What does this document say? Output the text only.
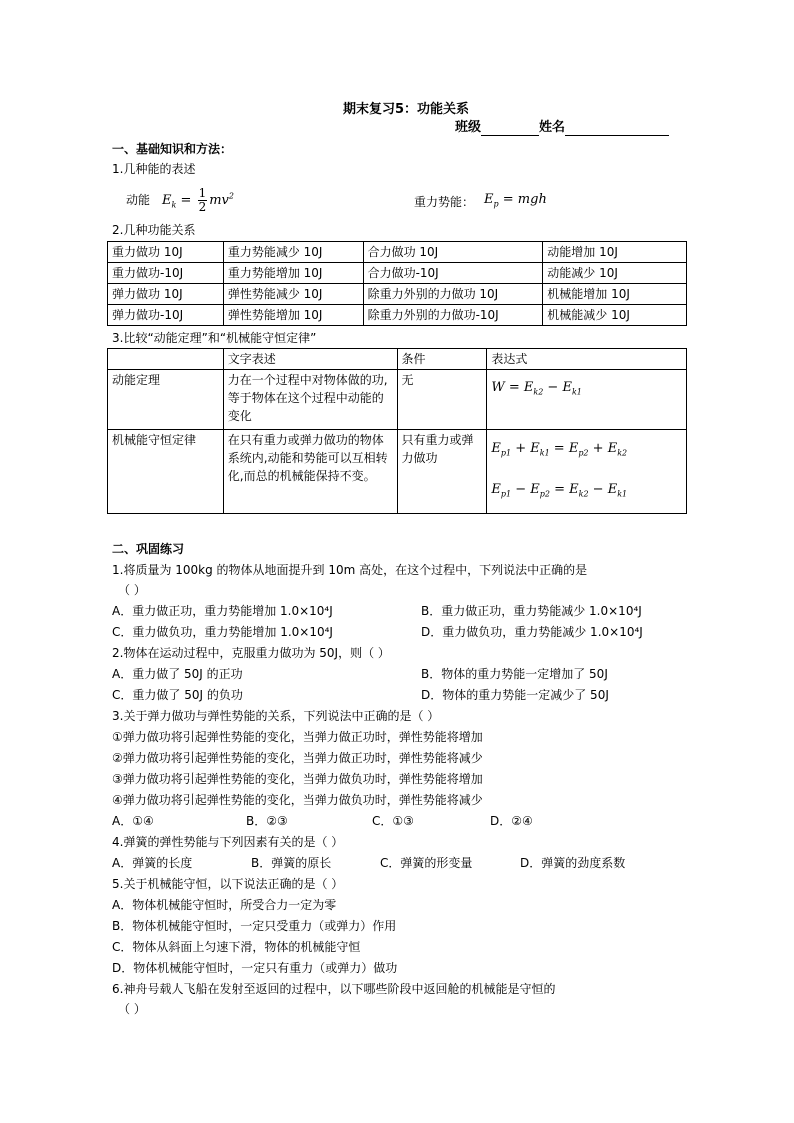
期末复习5：功能关系
班级	姓名
一、基础知识和方法：
1.几种能的表述
动能 $E_k = \frac{1}{2} mv^2$	重力势能： $E_p$ = mgh
2.几种功能关系
重力做功 10J	重力势能减少 10J	合力做功 10J	动能增加 10J
重力做功-10J	重力势能增加 10J	合力做功-10J	动能减少 10J
弹力做功 10J	弹性势能减少 10J	除重力外别的力做功 10J	机械能增加 10J
弹力做功-10J	弹性势能增加 10J	除重力外别的力做功-10J	机械能减少 10J
3.比较“动能定理”和“机械能守恒定律”
	文字表述	条件	表达式
动能定理	力在一个过程中对物体做的功,等于物体在这个过程中动能的变化	无	$W = E_{k2} - E_{k1}$
机械能守恒定律	在只有重力或弹力做功的物体系统内,动能和势能可以互相转化,而总的机械能保持不变。	只有重力或弹力做功	$E_{p1} + E_{k1} = E_{p2} + E_{k2}$
$E_{p1} - E_{p2} = E_{k2} - E_{k1}$
二、巩固练习
1.将质量为 100kg 的物体从地面提升到 10m 高处，在这个过程中，下列说法中正确的是
（ ）
A．重力做正功，重力势能增加 1.0×10⁴J	B．重力做正功，重力势能减少 1.0×10⁴J
C．重力做负功，重力势能增加 1.0×10⁴J	D．重力做负功，重力势能减少 1.0×10⁴J
2.物体在运动过程中，克服重力做功为 50J，则（ ）
A．重力做了 50J 的正功	B．物体的重力势能一定增加了 50J
C．重力做了 50J 的负功	D．物体的重力势能一定减少了 50J
3.关于弹力做功与弹性势能的关系，下列说法中正确的是（ ）
①弹力做功将引起弹性势能的变化，当弹力做正功时，弹性势能将增加
②弹力做功将引起弹性势能的变化，当弹力做正功时，弹性势能将减少
③弹力做功将引起弹性势能的变化，当弹力做负功时，弹性势能将增加
④弹力做功将引起弹性势能的变化，当弹力做负功时，弹性势能将减少
A．①④	B．②③	C．①③	D．②④
4.弹簧的弹性势能与下列因素有关的是（ ）
A．弹簧的长度	B．弹簧的原长	C．弹簧的形变量	D．弹簧的劲度系数
5.关于机械能守恒，以下说法正确的是（ ）
A．物体机械能守恒时，所受合力一定为零
B．物体机械能守恒时，一定只受重力（或弹力）作用
C．物体从斜面上匀速下滑，物体的机械能守恒
D．物体机械能守恒时，一定只有重力（或弹力）做功
6.神舟号载人飞船在发射至返回的过程中，以下哪些阶段中返回舱的机械能是守恒的
（ ）
